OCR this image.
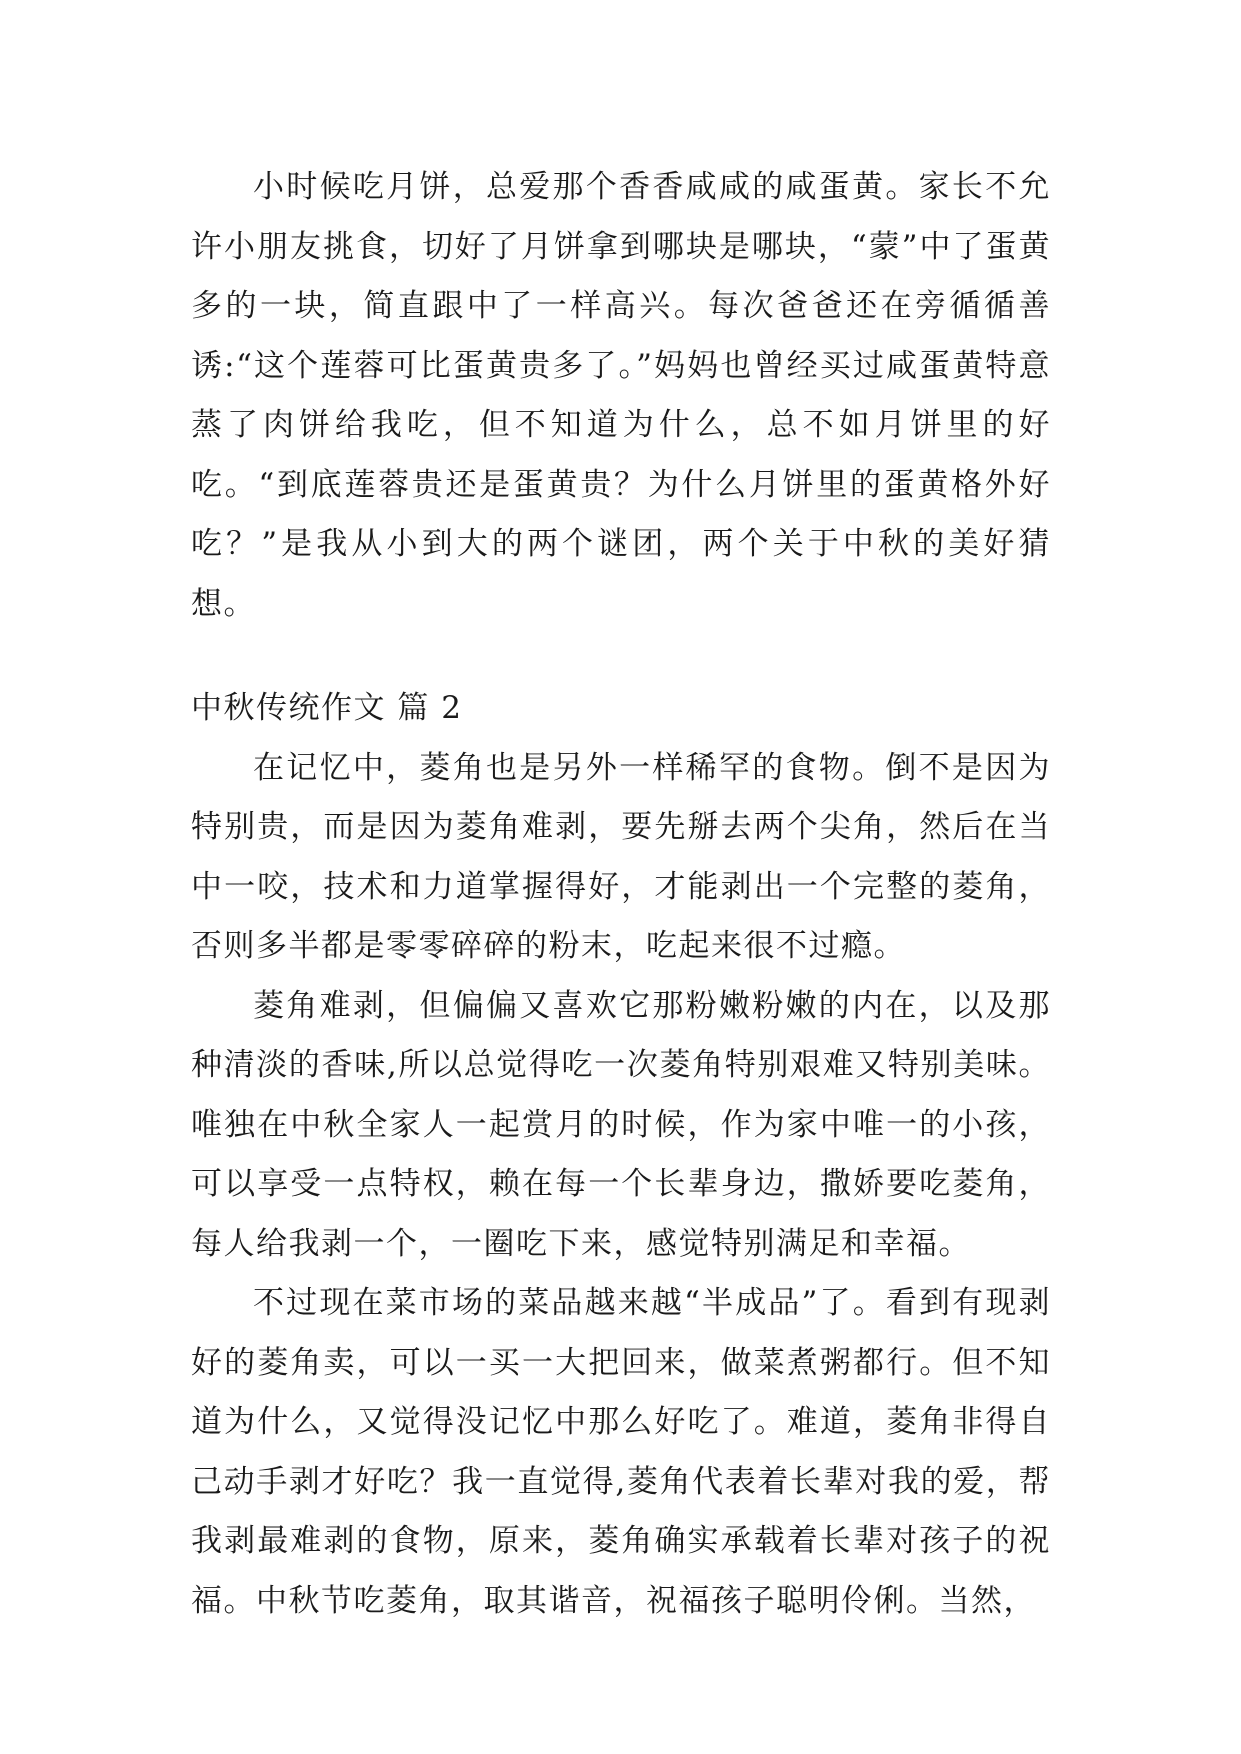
小时候吃月饼，总爱那个香香咸咸的咸蛋黄。家长不允许小朋友挑食，切好了月饼拿到哪块是哪块，“蒙”中了蛋黄多的一块，简直跟中了一样高兴。每次爸爸还在旁循循善诱:“这个莲蓉可比蛋黄贵多了。”妈妈也曾经买过咸蛋黄特意蒸了肉饼给我吃，但不知道为什么，总不如月饼里的好吃。“到底莲蓉贵还是蛋黄贵？为什么月饼里的蛋黄格外好吃？”是我从小到大的两个谜团，两个关于中秋的美好猜想。

中秋传统作文 篇 2

在记忆中，菱角也是另外一样稀罕的食物。倒不是因为特别贵，而是因为菱角难剥，要先掰去两个尖角，然后在当中一咬，技术和力道掌握得好，才能剥出一个完整的菱角，否则多半都是零零碎碎的粉末，吃起来很不过瘾。

菱角难剥，但偏偏又喜欢它那粉嫩粉嫩的内在，以及那种清淡的香味,所以总觉得吃一次菱角特别艰难又特别美味。唯独在中秋全家人一起赏月的时候，作为家中唯一的小孩，可以享受一点特权，赖在每一个长辈身边，撒娇要吃菱角，每人给我剥一个，一圈吃下来，感觉特别满足和幸福。

不过现在菜市场的菜品越来越“半成品”了。看到有现剥好的菱角卖，可以一买一大把回来，做菜煮粥都行。但不知道为什么，又觉得没记忆中那么好吃了。难道，菱角非得自己动手剥才好吃？我一直觉得,菱角代表着长辈对我的爱，帮我剥最难剥的食物，原来，菱角确实承载着长辈对孩子的祝福。中秋节吃菱角，取其谐音，祝福孩子聪明伶俐。当然，
